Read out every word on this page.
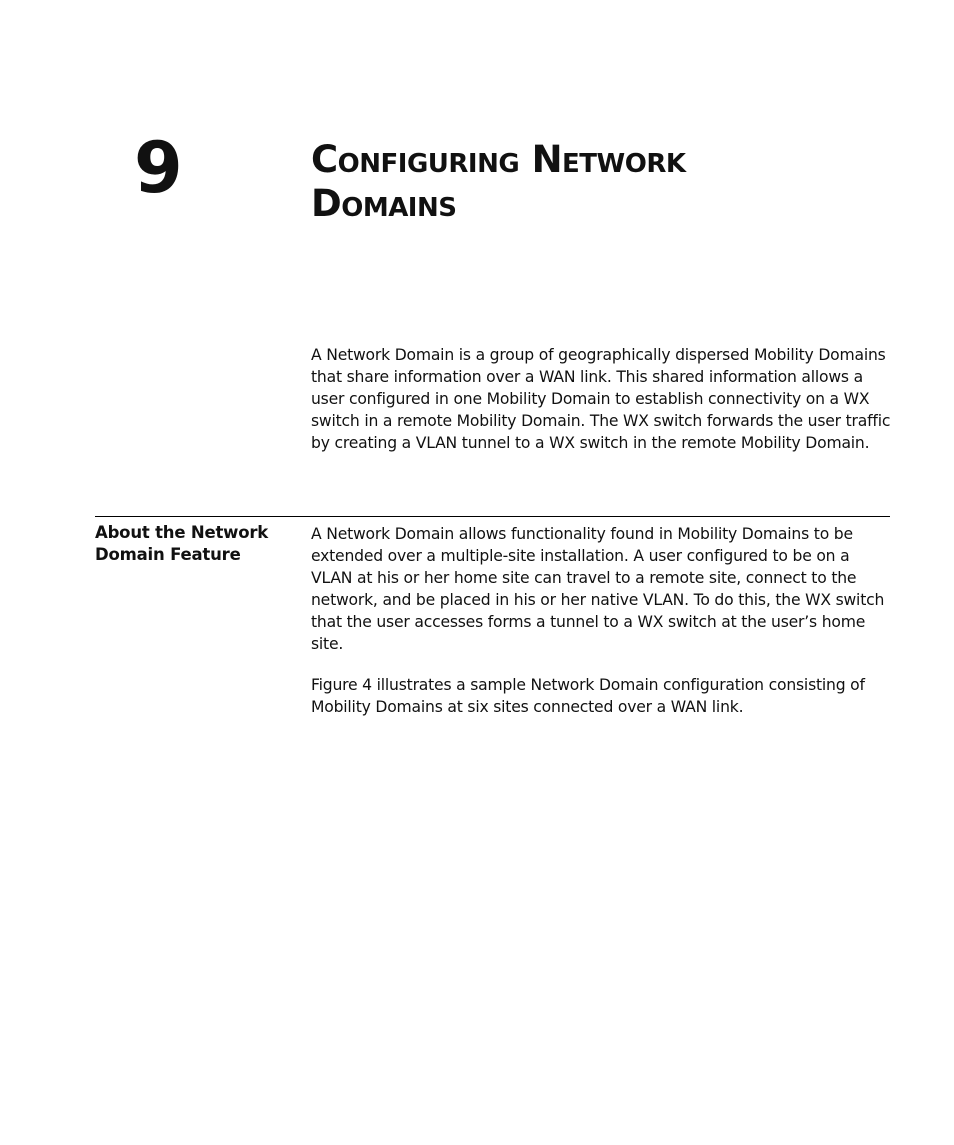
9	Configuring Network
Domains

A Network Domain is a group of geographically dispersed Mobility Domains that share information over a WAN link. This shared information allows a user configured in one Mobility Domain to establish connectivity on a WX switch in a remote Mobility Domain. The WX switch forwards the user traffic by creating a VLAN tunnel to a WX switch in the remote Mobility Domain.

About the Network
Domain Feature

A Network Domain allows functionality found in Mobility Domains to be extended over a multiple-site installation. A user configured to be on a VLAN at his or her home site can travel to a remote site, connect to the network, and be placed in his or her native VLAN. To do this, the WX switch that the user accesses forms a tunnel to a WX switch at the user’s home site.

Figure 4 illustrates a sample Network Domain configuration consisting of Mobility Domains at six sites connected over a WAN link.
